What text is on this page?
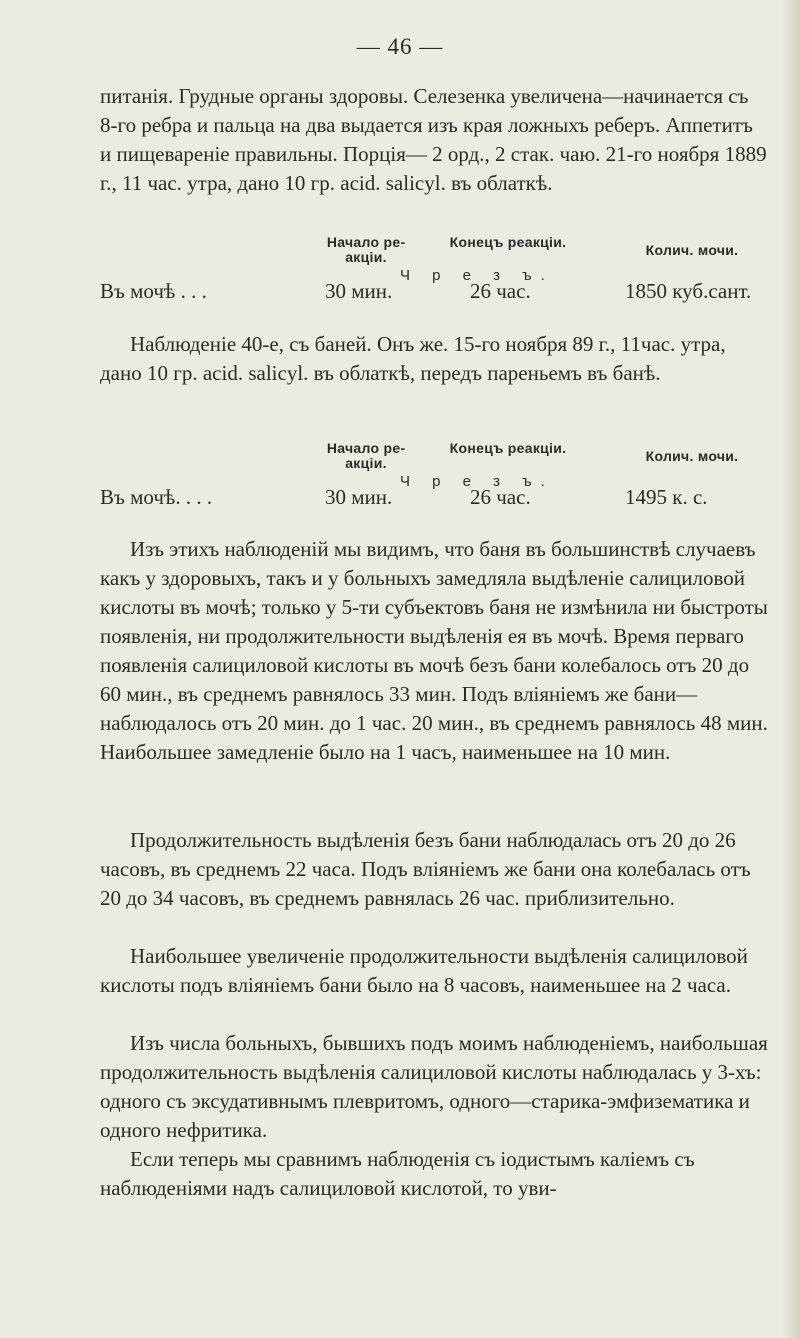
— 46 —

питанія. Грудные органы здоровы. Селезенка увеличена—начинается съ 8-го ребра и пальца на два выдается изъ края ложныхъ реберъ. Аппетитъ и пищевареніе правильны. Порція— 2 орд., 2 стак. чаю. 21-го ноября 1889 г., 11 час. утра, дано 10 гр. acid. salicyl. въ облаткѣ.

Начало реакціи.
Конецъ реакціи.	Колич. мочи.
Ч р е з ъ.
Въ мочѣ . . .	30 мин.	26 час.	1850 куб.сант.

Наблюденіе 40-е, съ баней. Онъ же. 15-го ноября 89 г., 11час. утра, дано 10 гр. acid. salicyl. въ облаткѣ, передъ пареньемъ въ банѣ.

Начало реакціи.
Конецъ реакціи.	Колич. мочи.
Ч р е з ъ.
Въ мочѣ. . . .	30 мин.	26 час.	1495 к. с.

Изъ этихъ наблюденій мы видимъ, что баня въ большинствѣ случаевъ какъ у здоровыхъ, такъ и у больныхъ замедляла выдѣленіе салициловой кислоты въ мочѣ; только у 5-ти субъектовъ баня не измѣнила ни быстроты появленія, ни продолжительности выдѣленія ея въ мочѣ. Время перваго появленія салициловой кислоты въ мочѣ безъ бани колебалось отъ 20 до 60 мин., въ среднемъ равнялось 33 мин. Подъ вліяніемъ же бани—наблюдалось отъ 20 мин. до 1 час. 20 мин., въ среднемъ равнялось 48 мин. Наибольшее замедленіе было на 1 часъ, наименьшее на 10 мин.

Продолжительность выдѣленія безъ бани наблюдалась отъ 20 до 26 часовъ, въ среднемъ 22 часа. Подъ вліяніемъ же бани она колебалась отъ 20 до 34 часовъ, въ среднемъ равнялась 26 час. приблизительно.

Наибольшее увеличеніе продолжительности выдѣленія салициловой кислоты подъ вліяніемъ бани было на 8 часовъ, наименьшее на 2 часа.

Изъ числа больныхъ, бывшихъ подъ моимъ наблюденіемъ, наибольшая продолжительность выдѣленія салициловой кислоты наблюдалась у 3-хъ: одного съ эксудативнымъ плевритомъ, одного—старика-эмфизематика и одного нефритика.

Если теперь мы сравнимъ наблюденія съ іодистымъ каліемъ съ наблюденіями надъ салициловой кислотой, то уви-
